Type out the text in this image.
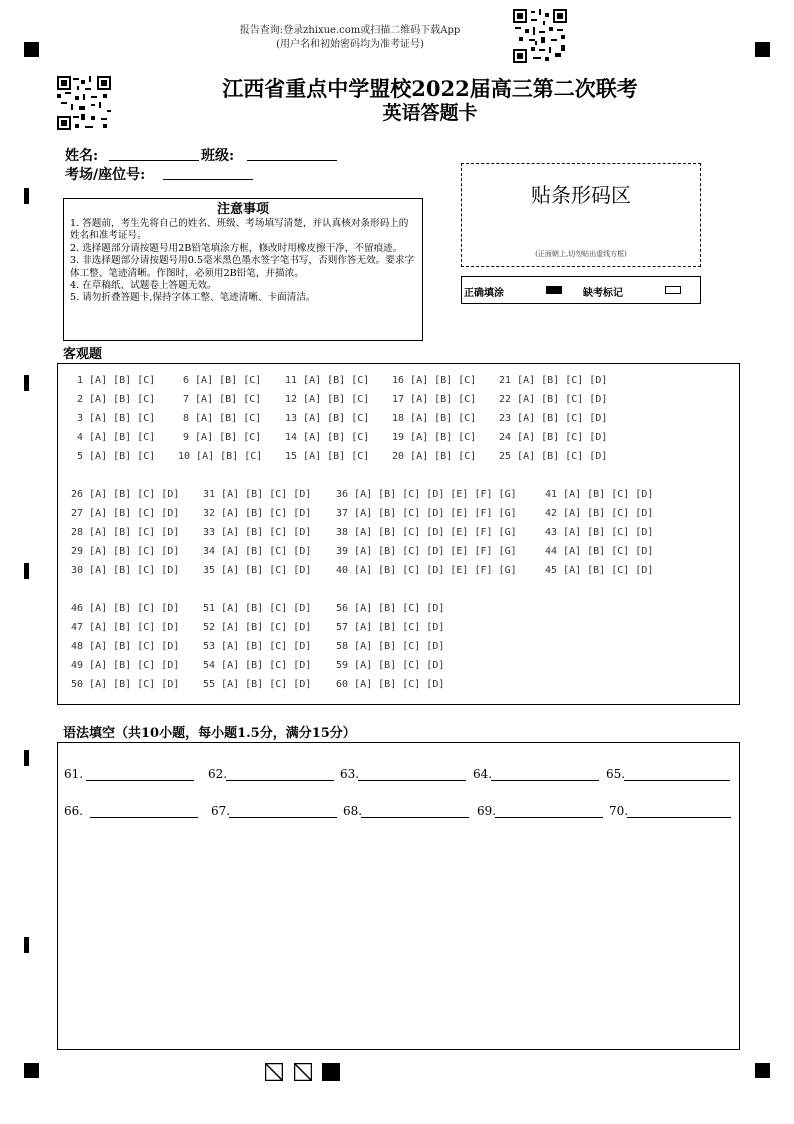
报告查询:登录zhixue.com或扫描二维码下载App
(用户名和初始密码均为准考证号)
江西省重点中学盟校2022届高三第二次联考
英语答题卡
姓名:	班级:
考场/座位号:
贴条形码区
(正面朝上,切勿贴出虚线方框)
正确填涂	缺考标记
注意事项
1. 答题前，考生先将自己的姓名、班级、考场填写清楚，并认真核对条形码上的姓名和准考证号。
2. 选择题部分请按题号用2B铅笔填涂方框，修改时用橡皮擦干净，不留痕迹。
3. 非选择题部分请按题号用0.5毫米黑色墨水签字笔书写，否则作答无效。要求字体工整、笔迹清晰。作图时，必须用2B铅笔，并描浓。
4. 在草稿纸、试题卷上答题无效。
5. 请勿折叠答题卡,保持字体工整、笔迹清晰、卡面清洁。
客观题
1 [A] [B] [C]	6 [A] [B] [C] 11 [A] [B] [C] 16 [A] [B] [C] 21 [A] [B] [C] [D]
2 [A] [B] [C]	7 [A] [B] [C] 12 [A] [B] [C] 17 [A] [B] [C] 22 [A] [B] [C] [D]
3 [A] [B] [C]	8 [A] [B] [C] 13 [A] [B] [C] 18 [A] [B] [C] 23 [A] [B] [C] [D]
4 [A] [B] [C]	9 [A] [B] [C] 14 [A] [B] [C] 19 [A] [B] [C] 24 [A] [B] [C] [D]
5 [A] [B] [C] 10 [A] [B] [C] 15 [A] [B] [C] 20 [A] [B] [C] 25 [A] [B] [C] [D]
26 [A] [B] [C] [D] 31 [A] [B] [C] [D] 36 [A] [B] [C] [D] [E] [F] [G]	41 [A] [B] [C] [D]
27 [A] [B] [C] [D] 32 [A] [B] [C] [D] 37 [A] [B] [C] [D] [E] [F] [G]	42 [A] [B] [C] [D]
28 [A] [B] [C] [D] 33 [A] [B] [C] [D] 38 [A] [B] [C] [D] [E] [F] [G]	43 [A] [B] [C] [D]
29 [A] [B] [C] [D] 34 [A] [B] [C] [D] 39 [A] [B] [C] [D] [E] [F] [G]	44 [A] [B] [C] [D]
30 [A] [B] [C] [D] 35 [A] [B] [C] [D] 40 [A] [B] [C] [D] [E] [F] [G]	45 [A] [B] [C] [D]
46 [A] [B] [C] [D] 51 [A] [B] [C] [D] 56 [A] [B] [C] [D]
47 [A] [B] [C] [D] 52 [A] [B] [C] [D] 57 [A] [B] [C] [D]
48 [A] [B] [C] [D] 53 [A] [B] [C] [D] 58 [A] [B] [C] [D]
49 [A] [B] [C] [D] 54 [A] [B] [C] [D] 59 [A] [B] [C] [D]
50 [A] [B] [C] [D] 55 [A] [B] [C] [D] 60 [A] [B] [C] [D]
语法填空（共10小题，每小题1.5分，满分15分）
61.	62.	63.	64.	65.
66.	67.	68.	69.	70.
